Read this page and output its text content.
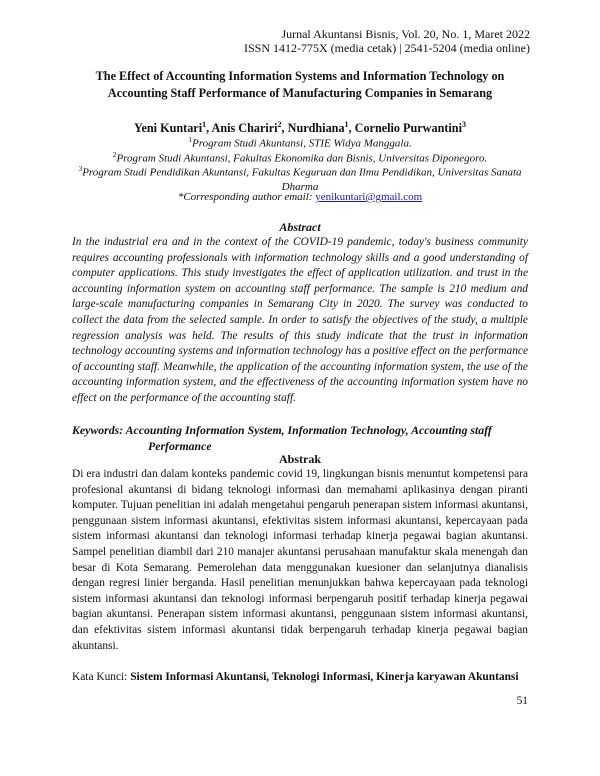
Jurnal Akuntansi Bisnis, Vol. 20, No. 1, Maret 2022
ISSN 1412-775X (media cetak) | 2541-5204 (media online)
The Effect of Accounting Information Systems and Information Technology on Accounting Staff Performance of Manufacturing Companies in Semarang
Yeni Kuntari$^1$, Anis Chariri$^2$, Nurdhiana$^1$, Cornelio Purwantini$^3$
$^1$Program Studi Akuntansi, STIE Widya Manggala.
$^2$Program Studi Akuntansi, Fakultas Ekonomika dan Bisnis, Universitas Diponegoro.
$^3$Program Studi Pendidikan Akuntansi, Fakultas Keguruan dan Ilmu Pendidikan, Universitas Sanata Dharma
*Corresponding author email: yenikuntari@gmail.com
Abstract
In the industrial era and in the context of the COVID-19 pandemic, today's business community requires accounting professionals with information technology skills and a good understanding of computer applications. This study investigates the effect of application utilization. and trust in the accounting information system on accounting staff performance. The sample is 210 medium and large-scale manufacturing companies in Semarang City in 2020. The survey was conducted to collect the data from the selected sample. In order to satisfy the objectives of the study, a multiple regression analysis was held. The results of this study indicate that the trust in information technology accounting systems and information technology has a positive effect on the performance of accounting staff. Meanwhile, the application of the accounting information system, the use of the accounting information system, and the effectiveness of the accounting information system have no effect on the performance of the accounting staff.
Keywords: Accounting Information System, Information Technology, Accounting staff
Performance
Abstrak
Di era industri dan dalam konteks pandemic covid 19, lingkungan bisnis menuntut kompetensi para profesional akuntansi di bidang teknologi informasi dan memahami aplikasinya dengan piranti komputer. Tujuan penelitian ini adalah mengetahui pengaruh penerapan sistem informasi akuntansi, penggunaan sistem informasi akuntansi, efektivitas sistem informasi akuntansi, kepercayaan pada sistem informasi akuntansi dan teknologi informasi terhadap kinerja pegawai bagian akuntansi. Sampel penelitian diambil dari 210 manajer akuntansi perusahaan manufaktur skala menengah dan besar di Kota Semarang. Pemerolehan data menggunakan kuesioner dan selanjutnya dianalisis dengan regresi linier berganda. Hasil penelitian menunjukkan bahwa kepercayaan pada teknologi sistem informasi akuntansi dan teknologi informasi berpengaruh positif terhadap kinerja pegawai bagian akuntansi. Penerapan sistem informasi akuntansi, penggunaan sistem informasi akuntansi, dan efektivitas sistem informasi akuntansi tidak berpengaruh terhadap kinerja pegawai bagian akuntansi.
Kata Kunci: Sistem Informasi Akuntansi, Teknologi Informasi, Kinerja karyawan Akuntansi
51
